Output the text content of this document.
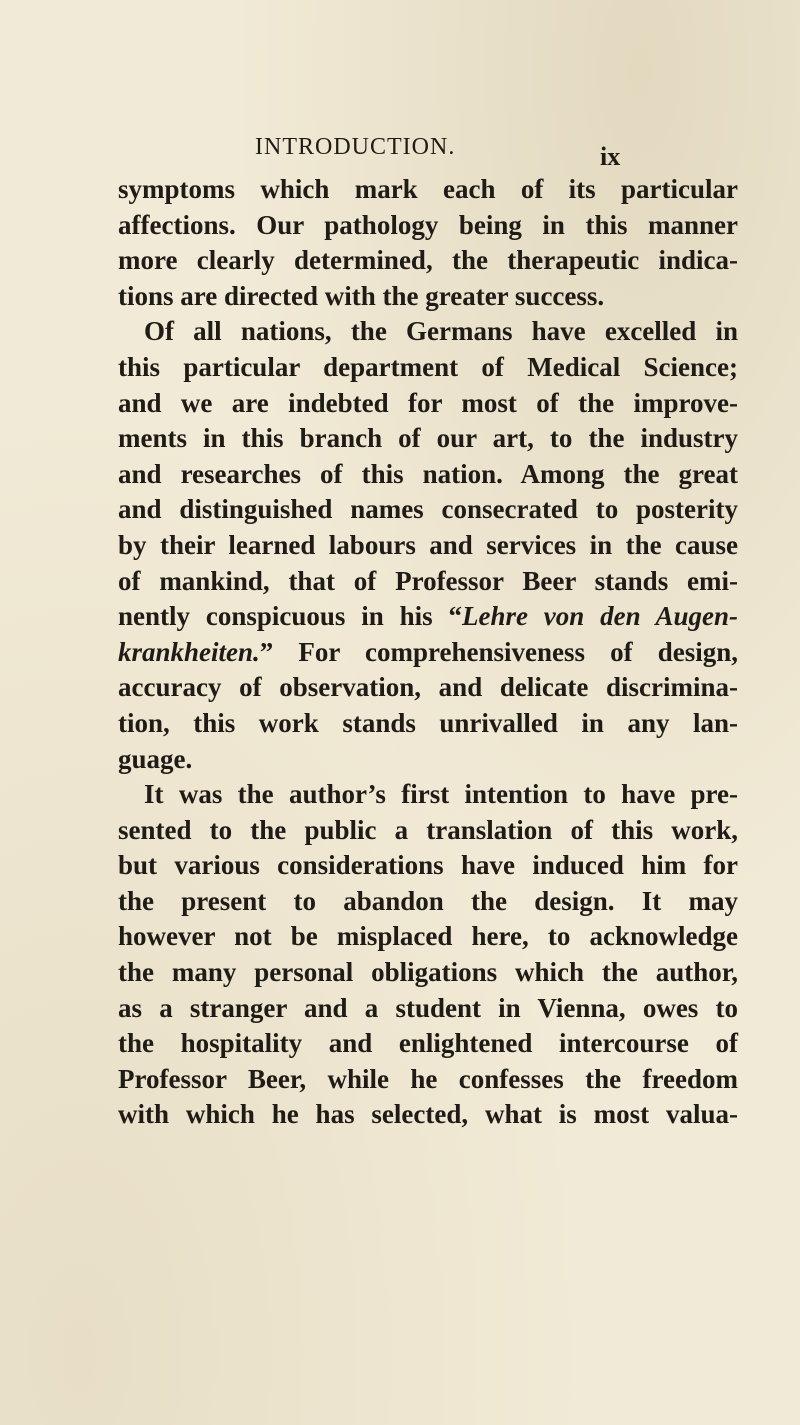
INTRODUCTION.	ix
symptoms which mark each of its particular
affections. Our pathology being in this manner
more clearly determined, the therapeutic indica-
tions are directed with the greater success.
Of all nations, the Germans have excelled in
this particular department of Medical Science;
and we are indebted for most of the improve-
ments in this branch of our art, to the industry
and researches of this nation. Among the great
and distinguished names consecrated to posterity
by their learned labours and services in the cause
of mankind, that of Professor Beer stands emi-
nently conspicuous in his “Lehre von den Augen-
krankheiten.” For comprehensiveness of design,
accuracy of observation, and delicate discrimina-
tion, this work stands unrivalled in any lan-
guage.
It was the author’s first intention to have pre-
sented to the public a translation of this work,
but various considerations have induced him for
the present to abandon the design. It may
however not be misplaced here, to acknowledge
the many personal obligations which the author,
as a stranger and a student in Vienna, owes to
the hospitality and enlightened intercourse of
Professor Beer, while he confesses the freedom
with which he has selected, what is most valua-
